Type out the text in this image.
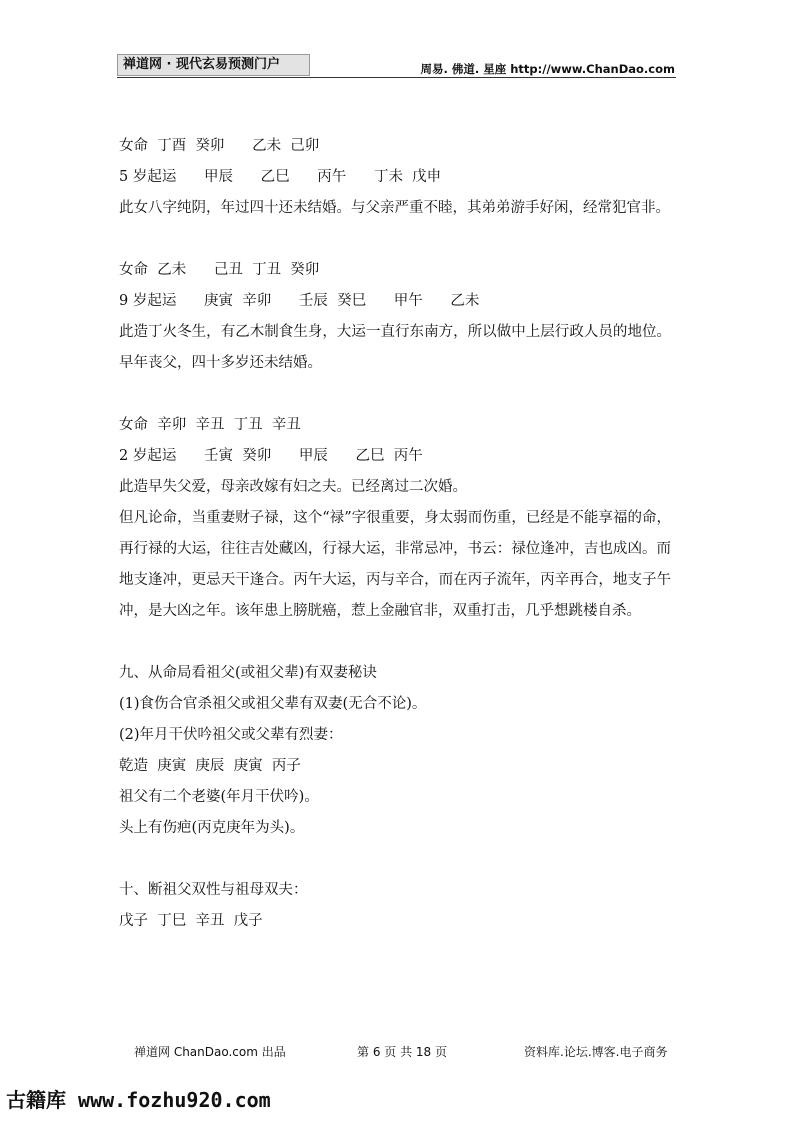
禅道网 · 现代玄易预测门户	周易. 佛道. 星座 http://www.ChanDao.com
女命  丁酉  癸卯      乙未  己卯
5 岁起运      甲辰      乙巳      丙午      丁未  戊申
此女八字纯阴，年过四十还未结婚。与父亲严重不睦，其弟弟游手好闲，经常犯官非。
女命  乙未      己丑  丁丑  癸卯
9 岁起运      庚寅  辛卯      壬辰  癸巳      甲午      乙未
此造丁火冬生，有乙木制食生身，大运一直行东南方，所以做中上层行政人员的地位。早年丧父，四十多岁还未结婚。
女命  辛卯  辛丑  丁丑  辛丑
2 岁起运      壬寅  癸卯      甲辰      乙巳  丙午
此造早失父爱，母亲改嫁有妇之夫。已经离过二次婚。
但凡论命，当重妻财子禄，这个“禄”字很重要，身太弱而伤重，已经是不能享福的命，再行禄的大运，往往吉处藏凶，行禄大运，非常忌冲，书云：禄位逢冲，吉也成凶。而地支逢冲，更忌天干逢合。丙午大运，丙与辛合，而在丙子流年，丙辛再合，地支子午冲，是大凶之年。该年患上膀胱癌，惹上金融官非，双重打击，几乎想跳楼自杀。
九、从命局看祖父(或祖父辈)有双妻秘诀
(1)食伤合官杀祖父或祖父辈有双妻(无合不论)。
(2)年月干伏吟祖父或父辈有烈妻：
乾造  庚寅  庚辰  庚寅  丙子
祖父有二个老婆(年月干伏吟)。
头上有伤疤(丙克庚年为头)。
十、断祖父双性与祖母双夫：
戊子  丁巳  辛丑  戊子
禅道网 ChanDao.com 出品	第 6 页 共 18 页	资料库.论坛.博客.电子商务
古籍库 www.fozhu920.com
